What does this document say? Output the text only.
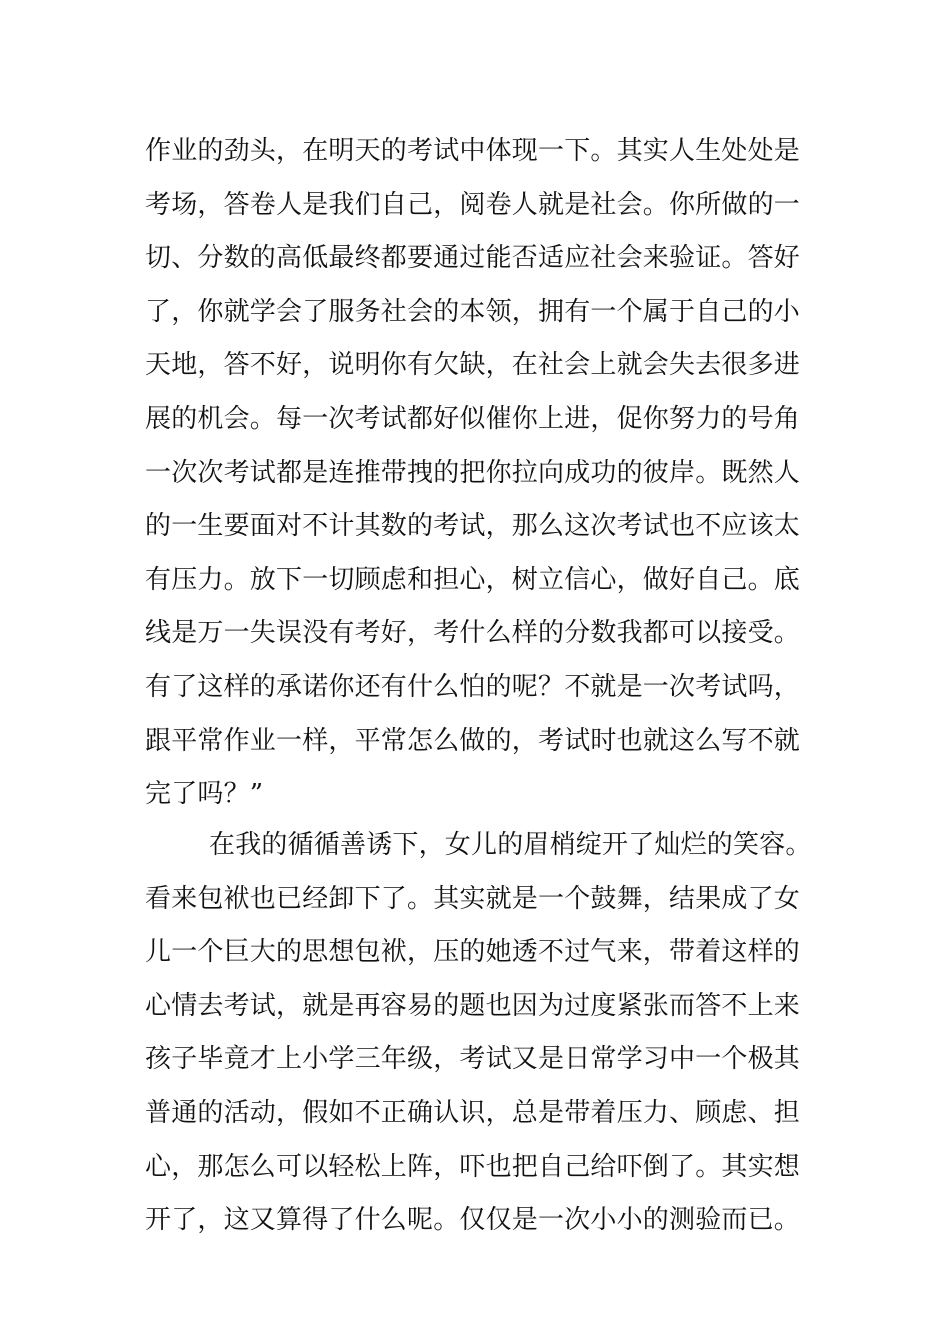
作业的劲头，在明天的考试中体现一下。其实人生处处是
考场，答卷人是我们自己，阅卷人就是社会。你所做的一
切、分数的高低最终都要通过能否适应社会来验证。答好
了，你就学会了服务社会的本领，拥有一个属于自己的小
天地，答不好，说明你有欠缺，在社会上就会失去很多进
展的机会。每一次考试都好似催你上进，促你努力的号角
一次次考试都是连推带拽的把你拉向成功的彼岸。既然人
的一生要面对不计其数的考试，那么这次考试也不应该太
有压力。放下一切顾虑和担心，树立信心，做好自己。底
线是万一失误没有考好，考什么样的分数我都可以接受。
有了这样的承诺你还有什么怕的呢？不就是一次考试吗，
跟平常作业一样，平常怎么做的，考试时也就这么写不就
完了吗？”
在我的循循善诱下，女儿的眉梢绽开了灿烂的笑容。
看来包袱也已经卸下了。其实就是一个鼓舞，结果成了女
儿一个巨大的思想包袱，压的她透不过气来，带着这样的
心情去考试，就是再容易的题也因为过度紧张而答不上来
孩子毕竟才上小学三年级，考试又是日常学习中一个极其
普通的活动，假如不正确认识，总是带着压力、顾虑、担
心，那怎么可以轻松上阵，吓也把自己给吓倒了。其实想
开了，这又算得了什么呢。仅仅是一次小小的测验而已。
